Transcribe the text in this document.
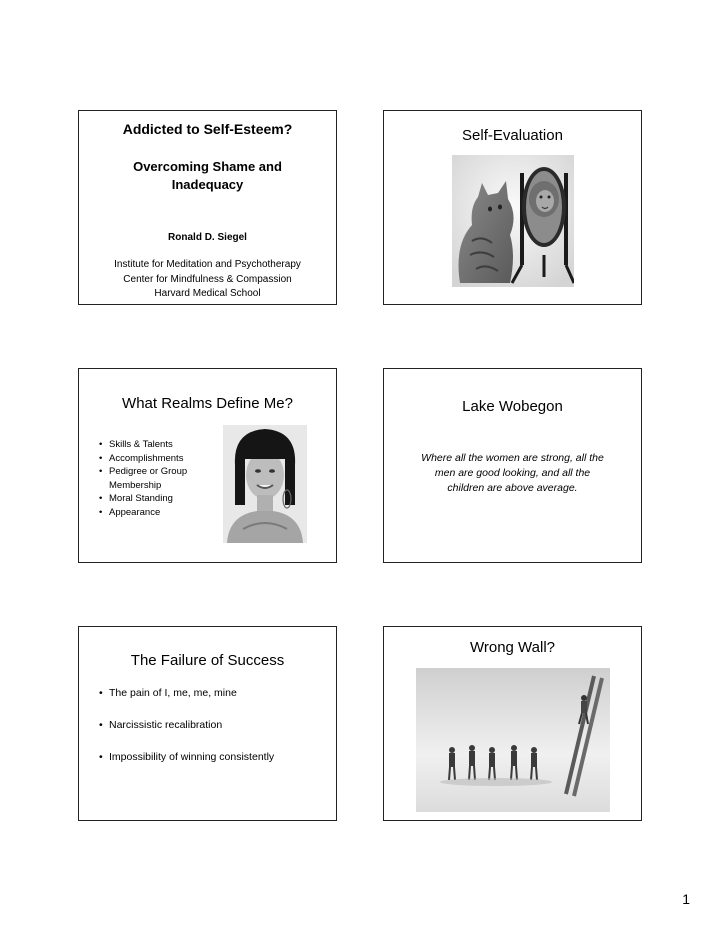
Addicted to Self-Esteem?
Overcoming Shame and
Inadequacy
Ronald D. Siegel
Institute for Meditation and Psychotherapy
Center for Mindfulness & Compassion
Harvard Medical School
Self-Evaluation
What Realms Define Me?
• Skills & Talents
• Accomplishments
• Pedigree or Group Membership
• Moral Standing
• Appearance
Lake Wobegon
Where all the women are strong, all the
men are good looking, and all the
children are above average.
The Failure of Success
• The pain of I, me, me, mine
• Narcissistic recalibration
• Impossibility of winning consistently
Wrong Wall?
1
